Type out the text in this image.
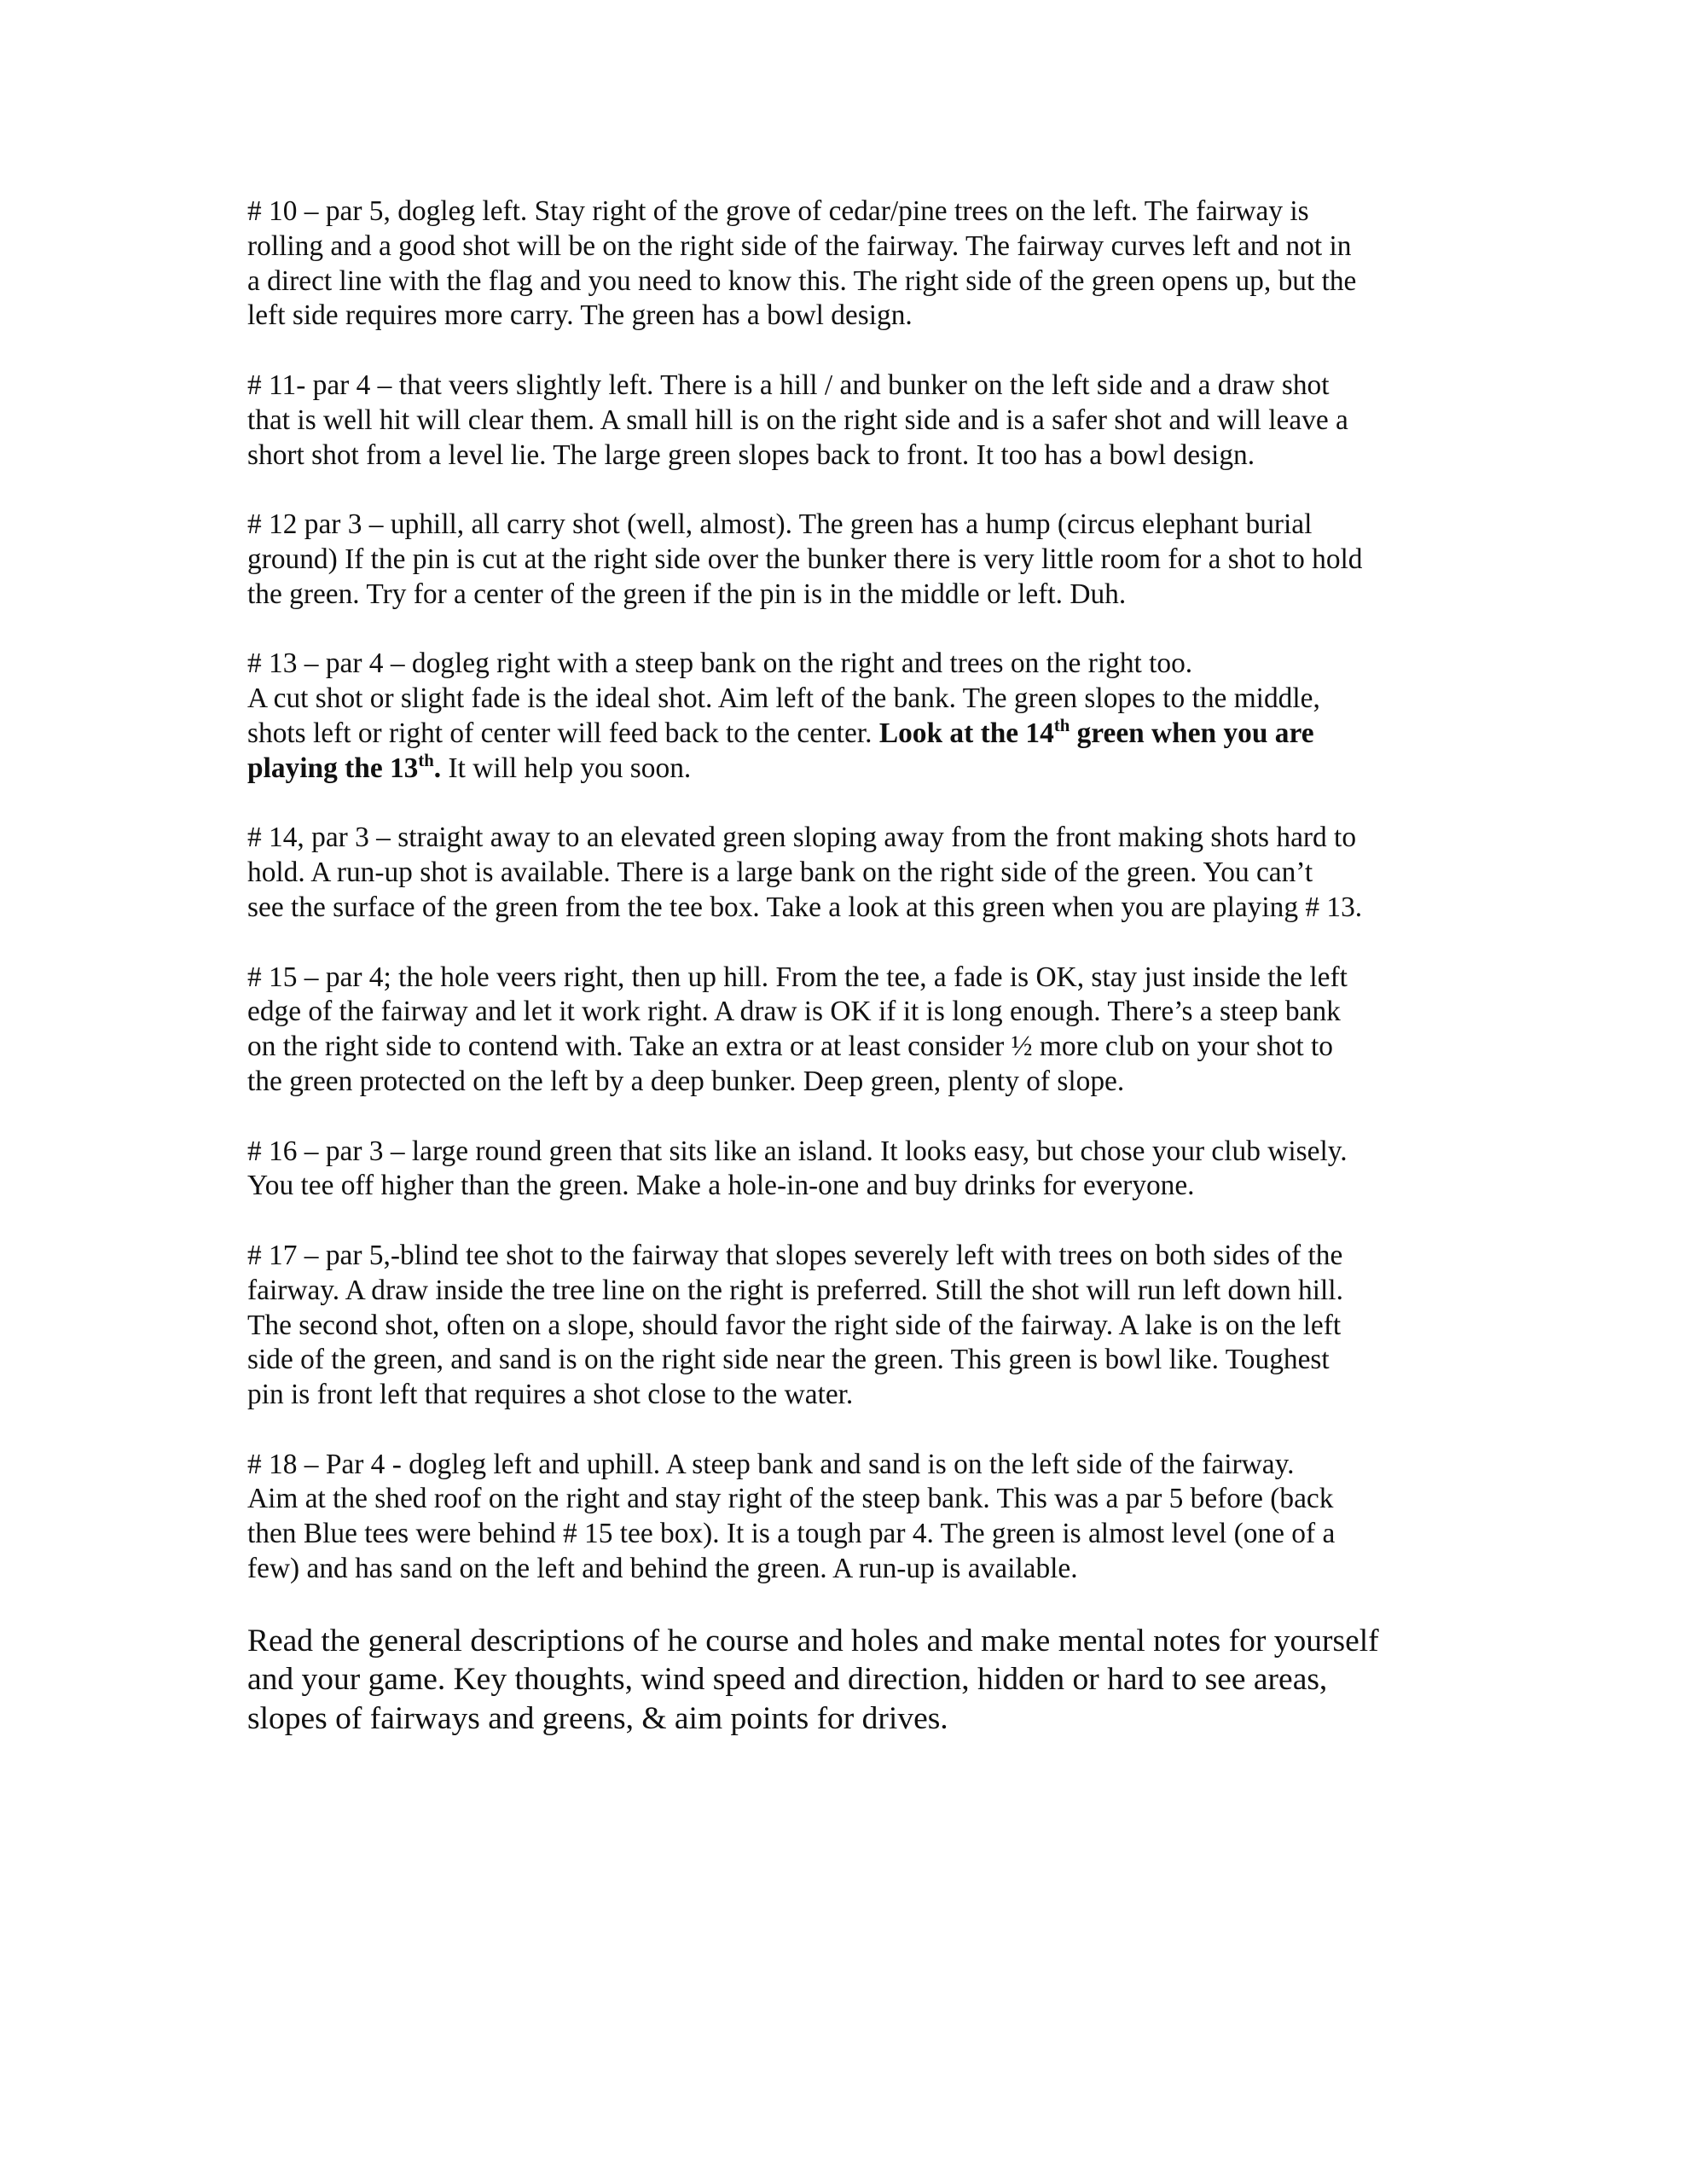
# 10 – par 5, dogleg left. Stay right of the grove of cedar/pine trees on the left. The fairway is
rolling and a good shot will be on the right side of the fairway. The fairway curves left and not in
a direct line with the flag and you need to know this. The right side of the green opens up, but the
left side requires more carry. The green has a bowl design.

# 11- par 4 – that veers slightly left. There is a hill / and bunker on the left side and a draw shot
that is well hit will clear them. A small hill is on the right side and is a safer shot and will leave a
short shot from a level lie. The large green slopes back to front. It too has a bowl design.

# 12 par 3 – uphill, all carry shot (well, almost). The green has a hump (circus elephant burial
ground) If the pin is cut at the right side over the bunker there is very little room for a shot to hold
the green. Try for a center of the green if the pin is in the middle or left. Duh.

# 13 – par 4 – dogleg right with a steep bank on the right and trees on the right too.
A cut shot or slight fade is the ideal shot. Aim left of the bank. The green slopes to the middle,
shots left or right of center will feed back to the center. Look at the 14th green when you are
playing the 13th. It will help you soon.

# 14, par 3 – straight away to an elevated green sloping away from the front making shots hard to
hold. A run-up shot is available. There is a large bank on the right side of the green. You can’t
see the surface of the green from the tee box. Take a look at this green when you are playing # 13.

# 15 – par 4; the hole veers right, then up hill. From the tee, a fade is OK, stay just inside the left
edge of the fairway and let it work right. A draw is OK if it is long enough. There’s a steep bank
on the right side to contend with. Take an extra or at least consider ½ more club on your shot to
the green protected on the left by a deep bunker. Deep green, plenty of slope.

# 16 – par 3 – large round green that sits like an island. It looks easy, but chose your club wisely.
You tee off higher than the green. Make a hole-in-one and buy drinks for everyone.

# 17 – par 5,-blind tee shot to the fairway that slopes severely left with trees on both sides of the
fairway. A draw inside the tree line on the right is preferred. Still the shot will run left down hill.
The second shot, often on a slope, should favor the right side of the fairway. A lake is on the left
side of the green, and sand is on the right side near the green. This green is bowl like. Toughest
pin is front left that requires a shot close to the water.

# 18 – Par 4 - dogleg left and uphill. A steep bank and sand is on the left side of the fairway.
Aim at the shed roof on the right and stay right of the steep bank. This was a par 5 before (back
then Blue tees were behind # 15 tee box). It is a tough par 4. The green is almost level (one of a
few) and has sand on the left and behind the green. A run-up is available.

Read the general descriptions of he course and holes and make mental notes for yourself
and your game. Key thoughts, wind speed and direction, hidden or hard to see areas,
slopes of fairways and greens, & aim points for drives.
